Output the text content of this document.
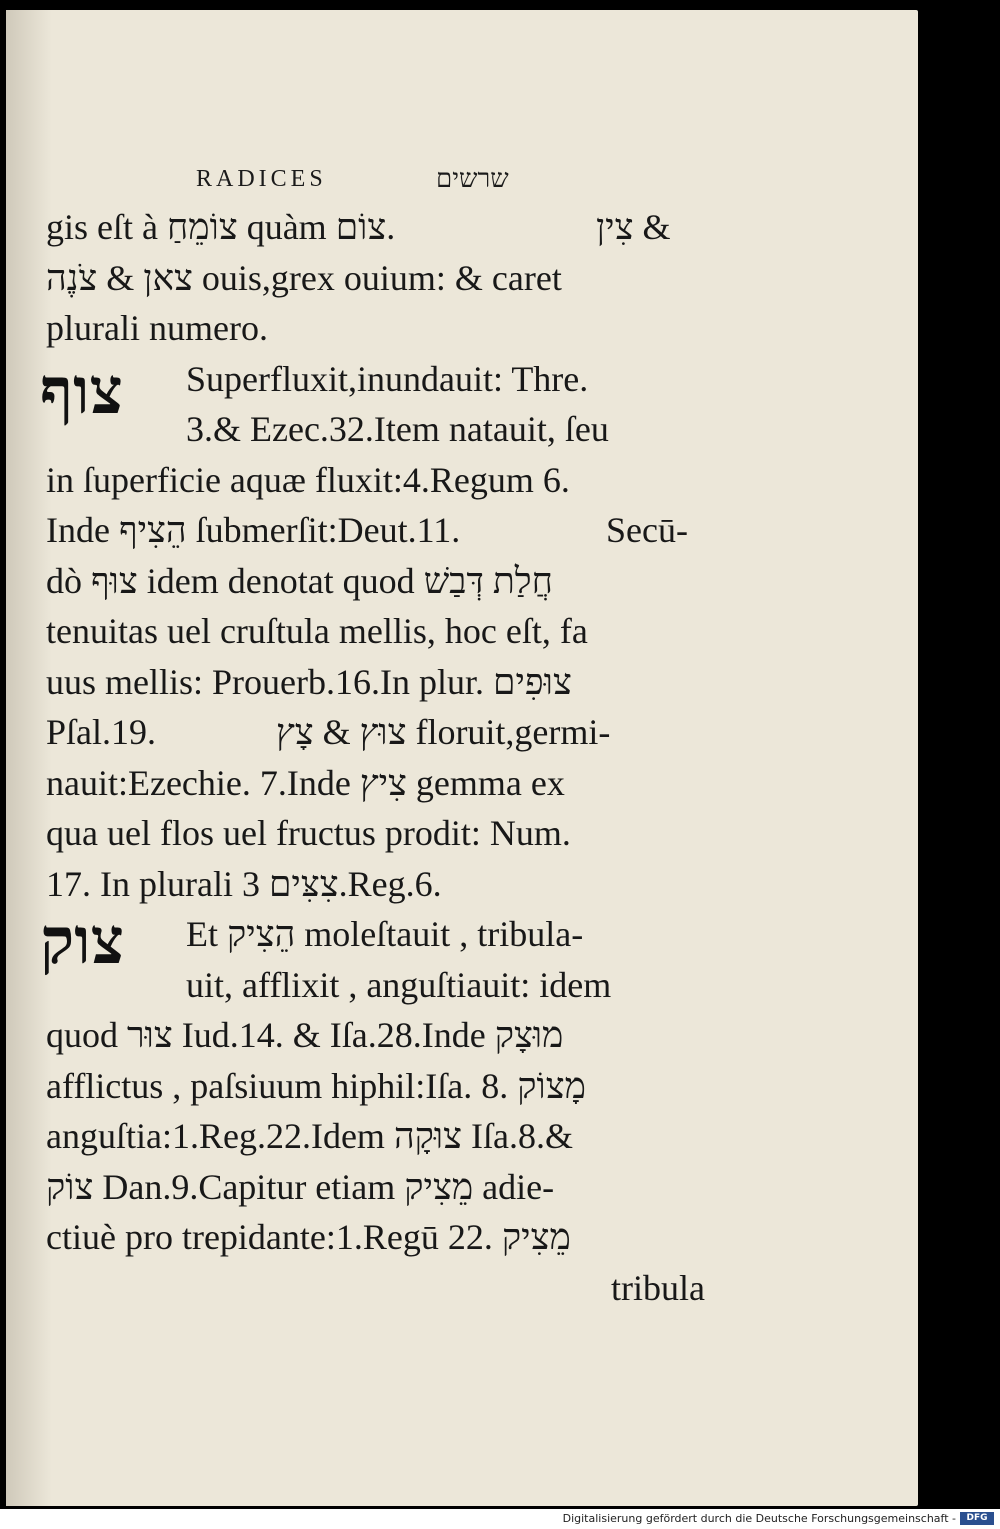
RADICES	שרשים
צוף
צוק
gis eſt à צוֹמֵחַ quàm צוֹם.	צִין &
צאן & צֹנֶה ouis,grex ouium: & caret
plurali numero.
Superfluxit,inundauit: Thre.
3.& Ezec.32.Item natauit, ſeu
in ſuperficie aquæ fluxit:4.Regum 6.
Inde הֵצִיף ſubmerſit:Deut.11.	Secū-
dò צוּף idem denotat quod חֲלַת דְּבַשׁ
tenuitas uel cruſtula mellis, hoc eſt, fa
uus mellis: Prouerb.16.In plur. צוּפִים
Pſal.19.	צוּץ & צָץ floruit,germi-
nauit:Ezechie. 7.Inde צִיץ gemma ex
qua uel flos uel fructus prodit: Num.
17. In plurali צִצִּים 3.Reg.6.
Et הֵצִיק moleſtauit , tribula-
uit, afflixit , anguſtiauit: idem
quod צוּר Iud.14. & Iſa.28.Inde מוּצָק
afflictus , paſsiuum hiphil:Iſa. 8. מָצוֹק
anguſtia:1.Reg.22.Idem צוּקָה Iſa.8.&
צוֹק Dan.9.Capitur etiam מֵצִיק adie-
ctiuè pro trepidante:1.Regū 22. מֵצִיק
tribula
Digitalisierung gefördert durch die Deutsche Forschungsgemeinschaft -	DFG
